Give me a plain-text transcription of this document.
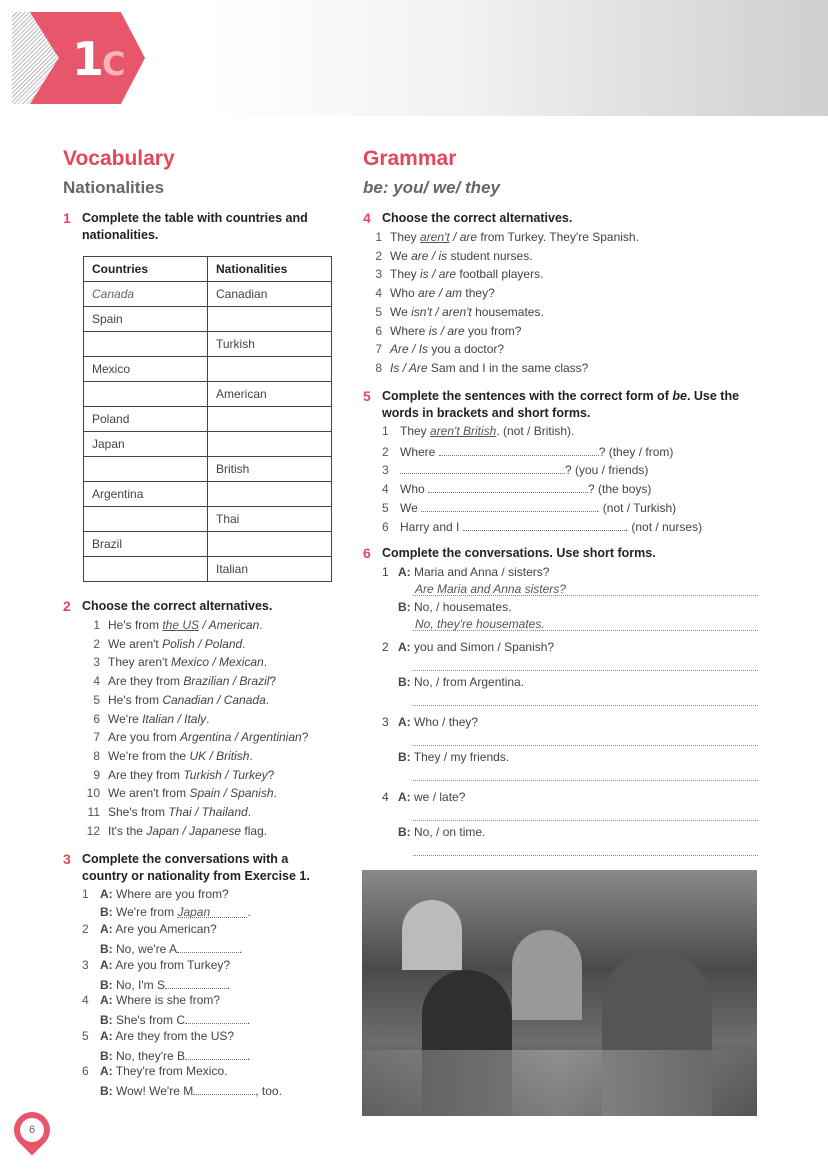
1C
Vocabulary
Nationalities
Grammar
be: you/ we/ they
1 Complete the table with countries and nationalities.
Countries	Nationalities
Canada	Canadian
Spain	
	Turkish
Mexico	
	American
Poland	
Japan	
	British
Argentina	
	Thai
Brazil	
	Italian
2 Choose the correct alternatives.
1 He's from the US / American.
2 We aren't Polish / Poland.
3 They aren't Mexico / Mexican.
4 Are they from Brazilian / Brazil?
5 He's from Canadian / Canada.
6 We're Italian / Italy.
7 Are you from Argentina / Argentinian?
8 We're from the UK / British.
9 Are they from Turkish / Turkey?
10 We aren't from Spain / Spanish.
11 She's from Thai / Thailand.
12 It's the Japan / Japanese flag.
3 Complete the conversations with a country or nationality from Exercise 1.
1 A: Where are you from?
B: We're from Japan	.
2 A: Are you American?
B: No, we're A	.
3 A: Are you from Turkey?
B: No, I'm S	.
4 A: Where is she from?
B: She's from C	.
5 A: Are they from the US?
B: No, they're B	.
6 A: They're from Mexico.
B: Wow! We're M	, too.
4 Choose the correct alternatives.
1 They aren't / are from Turkey. They're Spanish.
2 We are / is student nurses.
3 They is / are football players.
4 Who are / am they?
5 We isn't / aren't housemates.
6 Where is / are you from?
7 Are / Is you a doctor?
8 Is / Are Sam and I in the same class?
5 Complete the sentences with the correct form of be. Use the words in brackets and short forms.
1 They aren't British. (not / British).
2 Where	? (they / from)
3	? (you / friends)
4 Who	? (the boys)
5 We	. (not / Turkish)
6 Harry and I	. (not / nurses)
6 Complete the conversations. Use short forms.
1 A: Maria and Anna / sisters?
Are Maria and Anna sisters?
B: No, / housemates.
No, they're housemates.
2 A: you and Simon / Spanish?
B: No, / from Argentina.
3 A: Who / they?
B: They / my friends.
4 A: we / late?
B: No, / on time.
6
